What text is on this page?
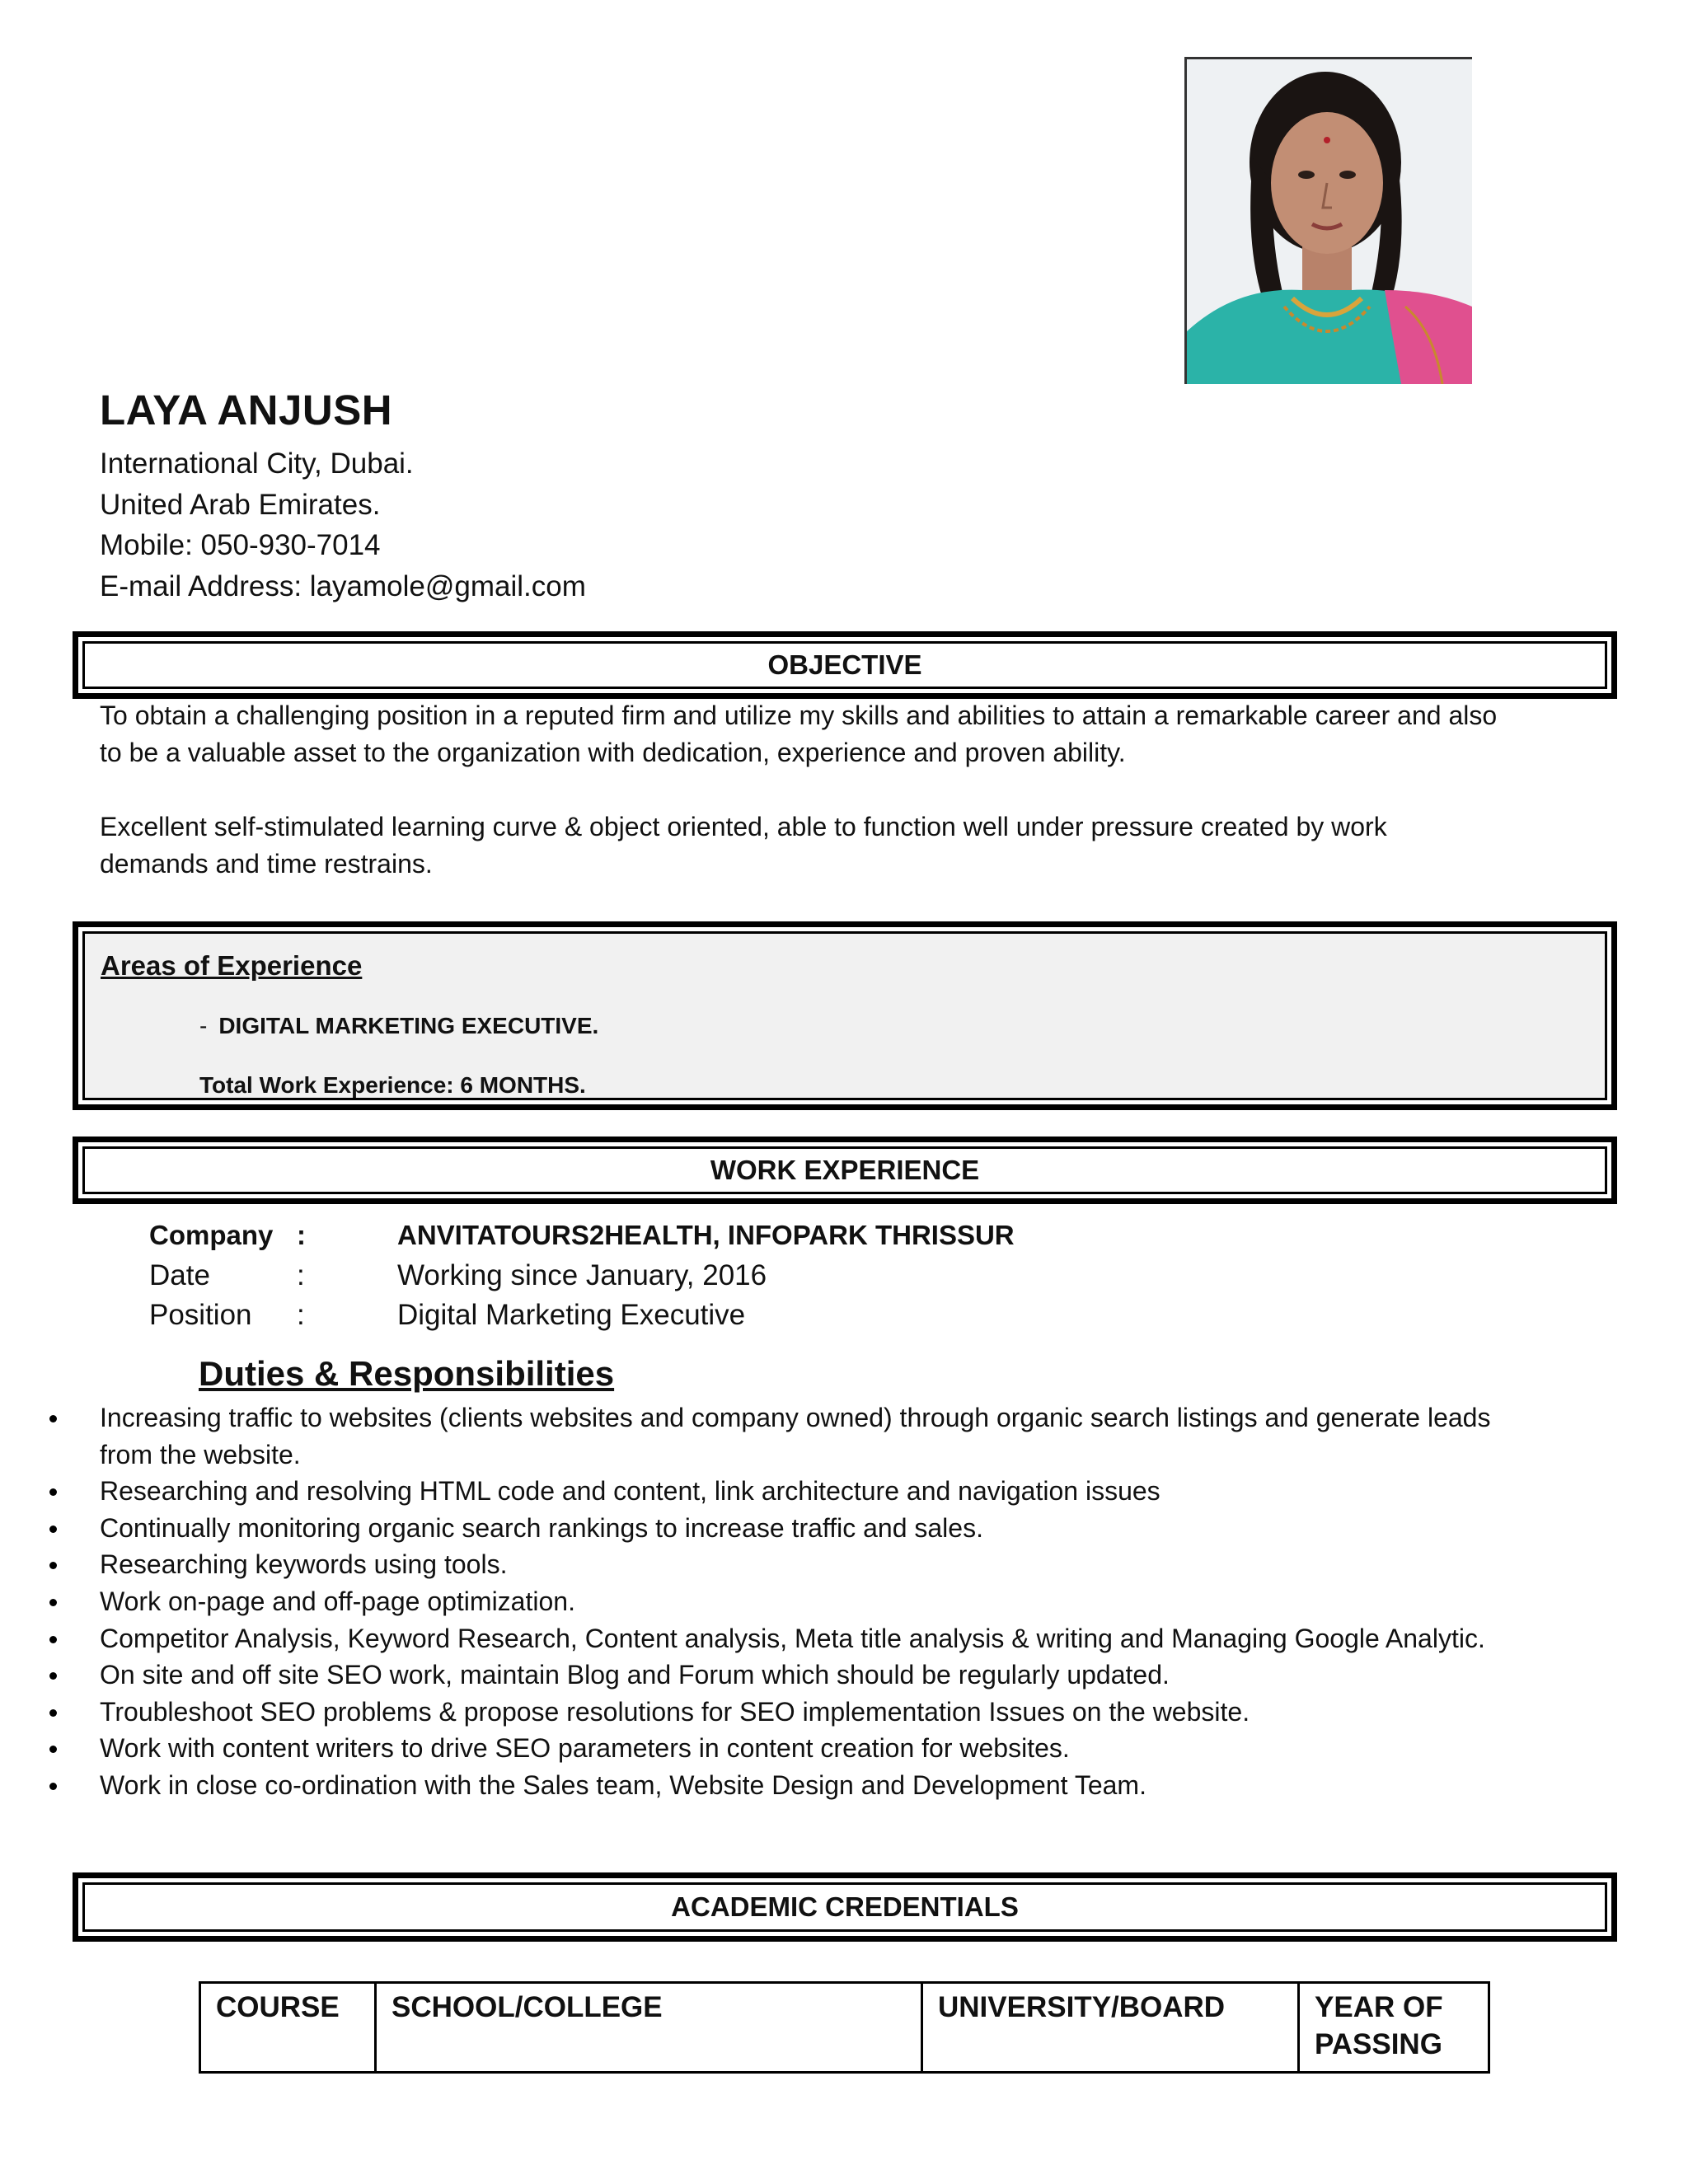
LAYA ANJUSH
International City, Dubai.
United Arab Emirates.
Mobile: 050-930-7014
E-mail Address: layamole@gmail.com
OBJECTIVE
To obtain a challenging position in a reputed firm and utilize my skills and abilities to attain a remarkable career and also
to be a valuable asset to the organization with dedication, experience and proven ability.
Excellent self-stimulated learning curve & object oriented, able to function well under pressure created by work
demands and time restrains.
Areas of Experience
- DIGITAL MARKETING EXECUTIVE.
Total Work Experience: 6 MONTHS.
WORK EXPERIENCE
Company :	ANVITATOURS2HEALTH, INFOPARK THRISSUR
Date	:	Working since January, 2016
Position :	Digital Marketing Executive
Duties & Responsibilities
Increasing traffic to websites (clients websites and company owned) through organic search listings and generate leads
from the website.
Researching and resolving HTML code and content, link architecture and navigation issues
Continually monitoring organic search rankings to increase traffic and sales.
Researching keywords using tools.
Work on-page and off-page optimization.
Competitor Analysis, Keyword Research, Content analysis, Meta title analysis & writing and Managing Google Analytic.
On site and off site SEO work, maintain Blog and Forum which should be regularly updated.
Troubleshoot SEO problems & propose resolutions for SEO implementation Issues on the website.
Work with content writers to drive SEO parameters in content creation for websites.
Work in close co-ordination with the Sales team, Website Design and Development Team.
ACADEMIC CREDENTIALS
COURSE	SCHOOL/COLLEGE	UNIVERSITY/BOARD	YEAR OF PASSING
